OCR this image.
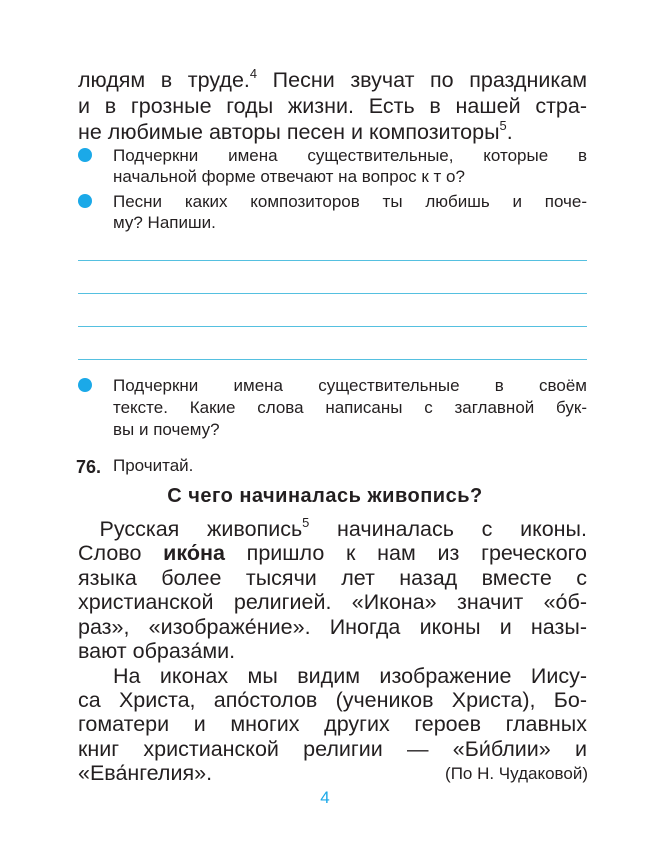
людям в труде.$^4$ Песни звучат по праздникам
и в грозные годы жизни. Есть в нашей стра-
не любимые авторы песен и композиторы$^5$.
Подчеркни имена существительные, которые в
начальной форме отвечают на вопрос к т о?
Песни каких композиторов ты любишь и поче-
му? Напиши.
Подчеркни имена существительные в своём
тексте. Какие слова написаны с заглавной бук-
вы и почему?
76. Прочитай.
С чего начиналась живопись?
 Русская живопись$^5$ начиналась с иконы.
Слово ико́на пришло к нам из греческого
языка более тысячи лет назад вместе с
христианской религией. «Икона» значит «о́б-
раз», «изображе́ние». Иногда иконы и назы-
вают образа́ми.
На иконах мы видим изображение Иису-
са Христа, апо́столов (учеников Христа), Бо-
гоматери и многих других героев главных
книг христианской религии — «Би́блии» и
«Ева́нгелия».	(По Н. Чудаковой)
4
